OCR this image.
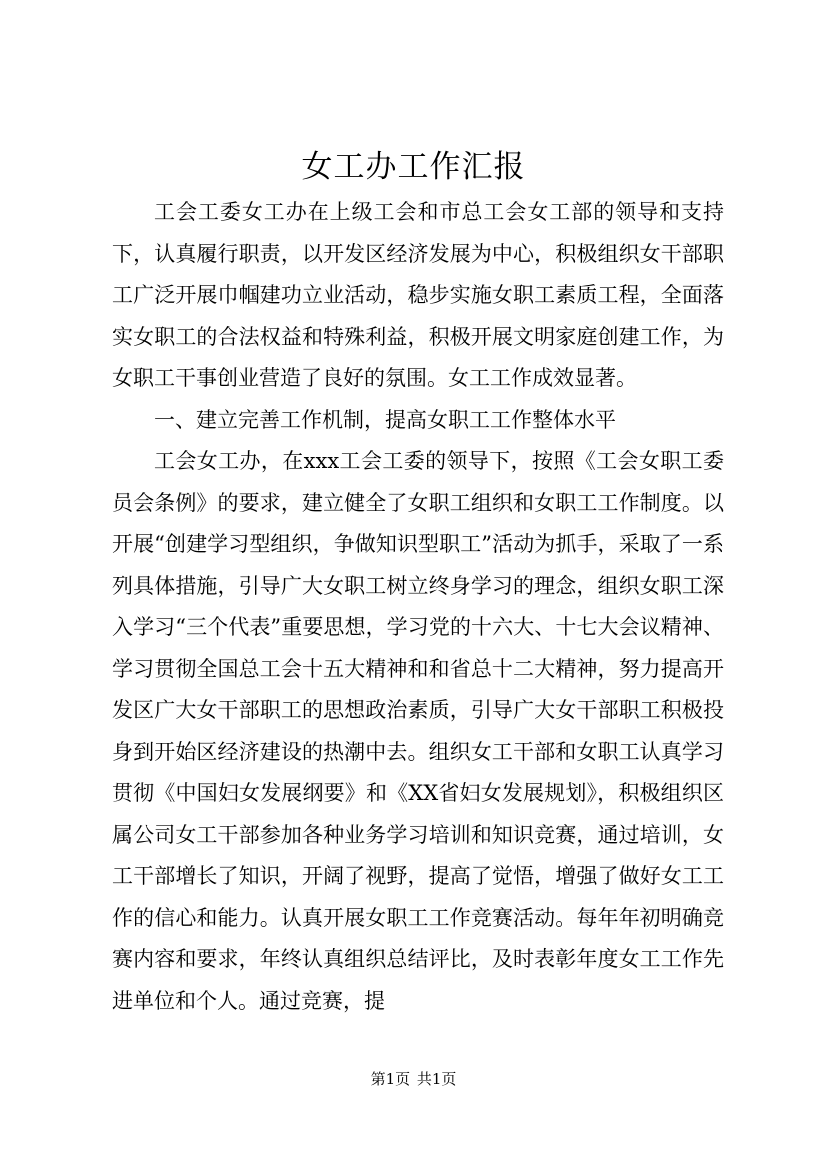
女工办工作汇报

工会工委女工办在上级工会和市总工会女工部的领导和支持下，认真履行职责，以开发区经济发展为中心，积极组织女干部职工广泛开展巾帼建功立业活动，稳步实施女职工素质工程，全面落实女职工的合法权益和特殊利益，积极开展文明家庭创建工作，为女职工干事创业营造了良好的氛围。女工工作成效显著。

一、建立完善工作机制，提高女职工工作整体水平

工会女工办，在xxx工会工委的领导下，按照《工会女职工委员会条例》的要求，建立健全了女职工组织和女职工工作制度。以开展“创建学习型组织，争做知识型职工”活动为抓手，采取了一系列具体措施，引导广大女职工树立终身学习的理念，组织女职工深入学习“三个代表”重要思想，学习党的十六大、十七大会议精神、学习贯彻全国总工会十五大精神和和省总十二大精神，努力提高开发区广大女干部职工的思想政治素质，引导广大女干部职工积极投身到开始区经济建设的热潮中去。组织女工干部和女职工认真学习贯彻《中国妇女发展纲要》和《XX省妇女发展规划》，积极组织区属公司女工干部参加各种业务学习培训和知识竞赛，通过培训，女工干部增长了知识，开阔了视野，提高了觉悟，增强了做好女工工作的信心和能力。认真开展女职工工作竞赛活动。每年年初明确竞赛内容和要求，年终认真组织总结评比，及时表彰年度女工工作先进单位和个人。通过竞赛，提

第1页 共1页
